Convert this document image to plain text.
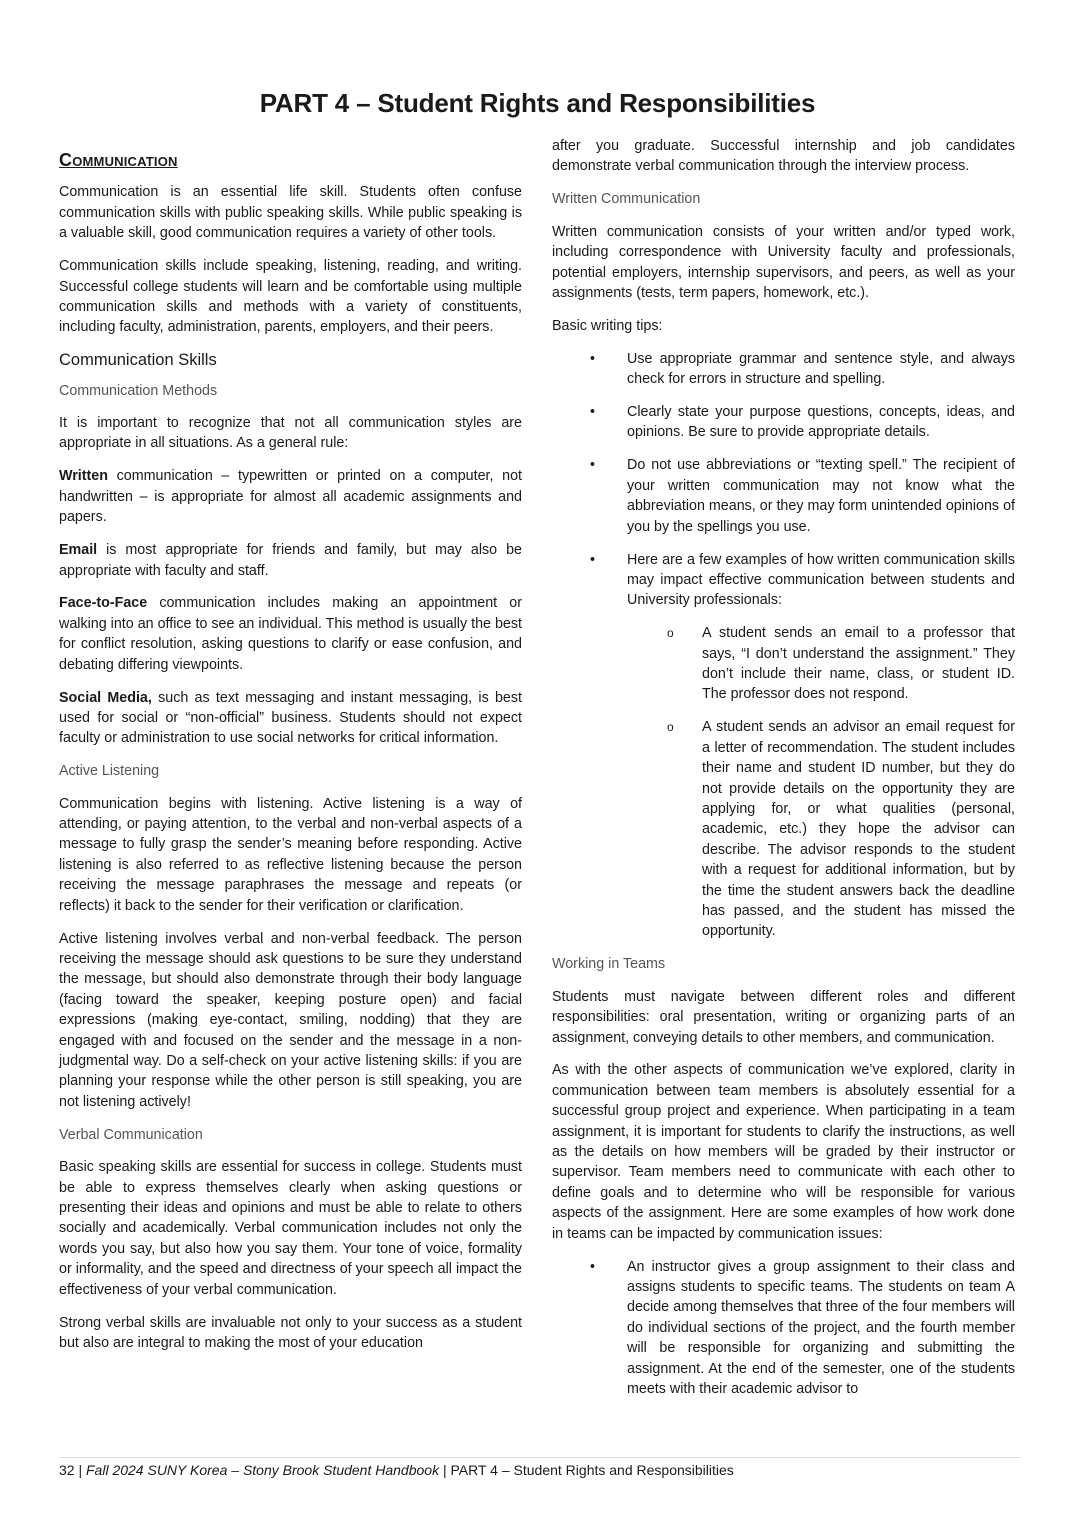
PART 4 – Student Rights and Responsibilities
Communication

Communication is an essential life skill. Students often confuse communication skills with public speaking skills. While public speaking is a valuable skill, good communication requires a variety of other tools.

Communication skills include speaking, listening, reading, and writing. Successful college students will learn and be comfortable using multiple communication skills and methods with a variety of constituents, including faculty, administration, parents, employers, and their peers.

Communication Skills
Communication Methods

It is important to recognize that not all communication styles are appropriate in all situations. As a general rule:

Written communication – typewritten or printed on a computer, not handwritten – is appropriate for almost all academic assignments and papers.

Email is most appropriate for friends and family, but may also be appropriate with faculty and staff.

Face-to-Face communication includes making an appointment or walking into an office to see an individual. This method is usually the best for conflict resolution, asking questions to clarify or ease confusion, and debating differing viewpoints.

Social Media, such as text messaging and instant messaging, is best used for social or “non-official” business. Students should not expect faculty or administration to use social networks for critical information.

Active Listening

Communication begins with listening. Active listening is a way of attending, or paying attention, to the verbal and non-verbal aspects of a message to fully grasp the sender’s meaning before responding. Active listening is also referred to as reflective listening because the person receiving the message paraphrases the message and repeats (or reflects) it back to the sender for their verification or clarification.

Active listening involves verbal and non-verbal feedback. The person receiving the message should ask questions to be sure they understand the message, but should also demonstrate through their body language (facing toward the speaker, keeping posture open) and facial expressions (making eye-contact, smiling, nodding) that they are engaged with and focused on the sender and the message in a non-judgmental way. Do a self-check on your active listening skills: if you are planning your response while the other person is still speaking, you are not listening actively!

Verbal Communication

Basic speaking skills are essential for success in college. Students must be able to express themselves clearly when asking questions or presenting their ideas and opinions and must be able to relate to others socially and academically. Verbal communication includes not only the words you say, but also how you say them. Your tone of voice, formality or informality, and the speed and directness of your speech all impact the effectiveness of your verbal communication.

Strong verbal skills are invaluable not only to your success as a student but also are integral to making the most of your education

after you graduate. Successful internship and job candidates demonstrate verbal communication through the interview process.

Written Communication

Written communication consists of your written and/or typed work, including correspondence with University faculty and professionals, potential employers, internship supervisors, and peers, as well as your assignments (tests, term papers, homework, etc.).

Basic writing tips:

• Use appropriate grammar and sentence style, and always check for errors in structure and spelling.
• Clearly state your purpose questions, concepts, ideas, and opinions. Be sure to provide appropriate details.
• Do not use abbreviations or “texting spell.” The recipient of your written communication may not know what the abbreviation means, or they may form unintended opinions of you by the spellings you use.
• Here are a few examples of how written communication skills may impact effective communication between students and University professionals:
o A student sends an email to a professor that says, “I don’t understand the assignment.” They don’t include their name, class, or student ID. The professor does not respond.
o A student sends an advisor an email request for a letter of recommendation. The student includes their name and student ID number, but they do not provide details on the opportunity they are applying for, or what qualities (personal, academic, etc.) they hope the advisor can describe. The advisor responds to the student with a request for additional information, but by the time the student answers back the deadline has passed, and the student has missed the opportunity.
Working in Teams

Students must navigate between different roles and different responsibilities: oral presentation, writing or organizing parts of an assignment, conveying details to other members, and communication.

As with the other aspects of communication we’ve explored, clarity in communication between team members is absolutely essential for a successful group project and experience. When participating in a team assignment, it is important for students to clarify the instructions, as well as the details on how members will be graded by their instructor or supervisor. Team members need to communicate with each other to define goals and to determine who will be responsible for various aspects of the assignment. Here are some examples of how work done in teams can be impacted by communication issues:

• An instructor gives a group assignment to their class and assigns students to specific teams. The students on team A decide among themselves that three of the four members will do individual sections of the project, and the fourth member will be responsible for organizing and submitting the assignment. At the end of the semester, one of the students meets with their academic advisor to
32 | Fall 2024 SUNY Korea – Stony Brook Student Handbook | PART 4 – Student Rights and Responsibilities
